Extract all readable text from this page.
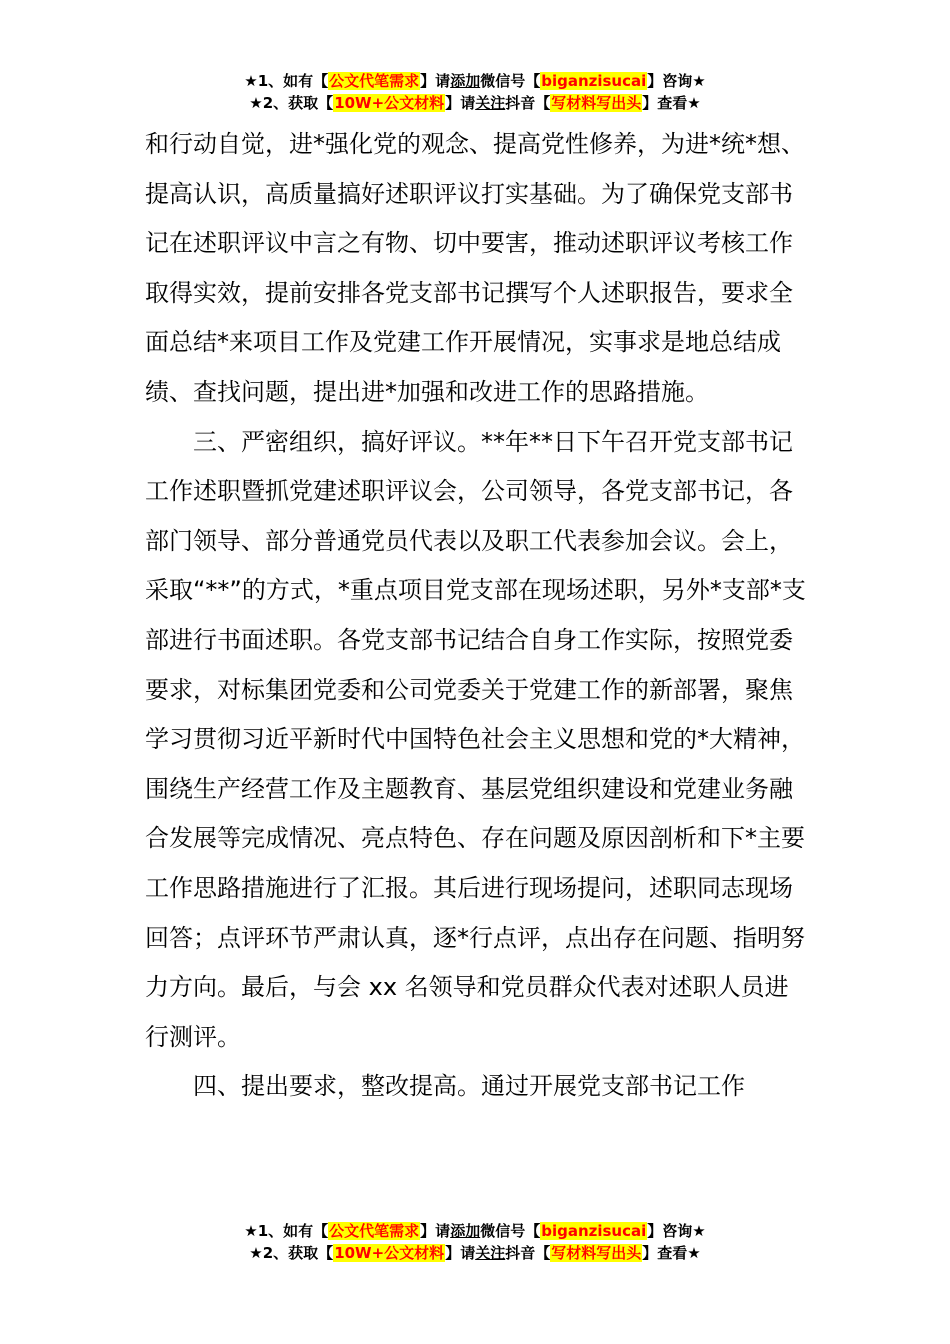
★1、如有【公文代笔需求】请添加微信号【biganzisucai】咨询★
★2、获取【10W+公文材料】请关注抖音【写材料写出头】查看★

和行动自觉，进*强化党的观念、提高党性修养，为进*统*想、提高认识，高质量搞好述职评议打实基础。为了确保党支部书记在述职评议中言之有物、切中要害，推动述职评议考核工作取得实效，提前安排各党支部书记撰写个人述职报告，要求全面总结*来项目工作及党建工作开展情况，实事求是地总结成绩、查找问题，提出进*加强和改进工作的思路措施。

三、严密组织，搞好评议。**年**日下午召开党支部书记工作述职暨抓党建述职评议会，公司领导，各党支部书记，各部门领导、部分普通党员代表以及职工代表参加会议。会上，采取“**”的方式，*重点项目党支部在现场述职，另外*支部*支部进行书面述职。各党支部书记结合自身工作实际，按照党委要求，对标集团党委和公司党委关于党建工作的新部署，聚焦学习贯彻习近平新时代中国特色社会主义思想和党的*大精神，围绕生产经营工作及主题教育、基层党组织建设和党建业务融合发展等完成情况、亮点特色、存在问题及原因剖析和下*主要工作思路措施进行了汇报。其后进行现场提问，述职同志现场回答；点评环节严肃认真，逐*行点评，点出存在问题、指明努力方向。最后，与会 xx 名领导和党员群众代表对述职人员进行测评。

四、提出要求，整改提高。通过开展党支部书记工作

★1、如有【公文代笔需求】请添加微信号【biganzisucai】咨询★
★2、获取【10W+公文材料】请关注抖音【写材料写出头】查看★
